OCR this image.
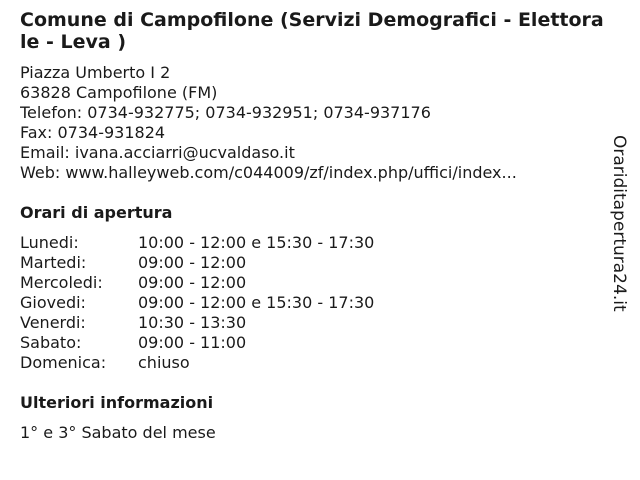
Comune di Campofilone (Servizi Demografici - Elettorale - Leva )
Piazza Umberto I 2
63828 Campofilone (FM)
Telefon: 0734-932775; 0734-932951; 0734-937176
Fax: 0734-931824
Email: ivana.acciarri@ucvaldaso.it
Web: www.halleyweb.com/c044009/zf/index.php/uffici/index...
Orari di apertura
Lunedi:	10:00 - 12:00 e 15:30 - 17:30
Martedi:	09:00 - 12:00
Mercoledi:	09:00 - 12:00
Giovedi:	09:00 - 12:00 e 15:30 - 17:30
Venerdi:	10:30 - 13:30
Sabato:	09:00 - 11:00
Domenica:	chiuso
Ulteriori informazioni
1° e 3° Sabato del mese
Orariditapertura24.it
